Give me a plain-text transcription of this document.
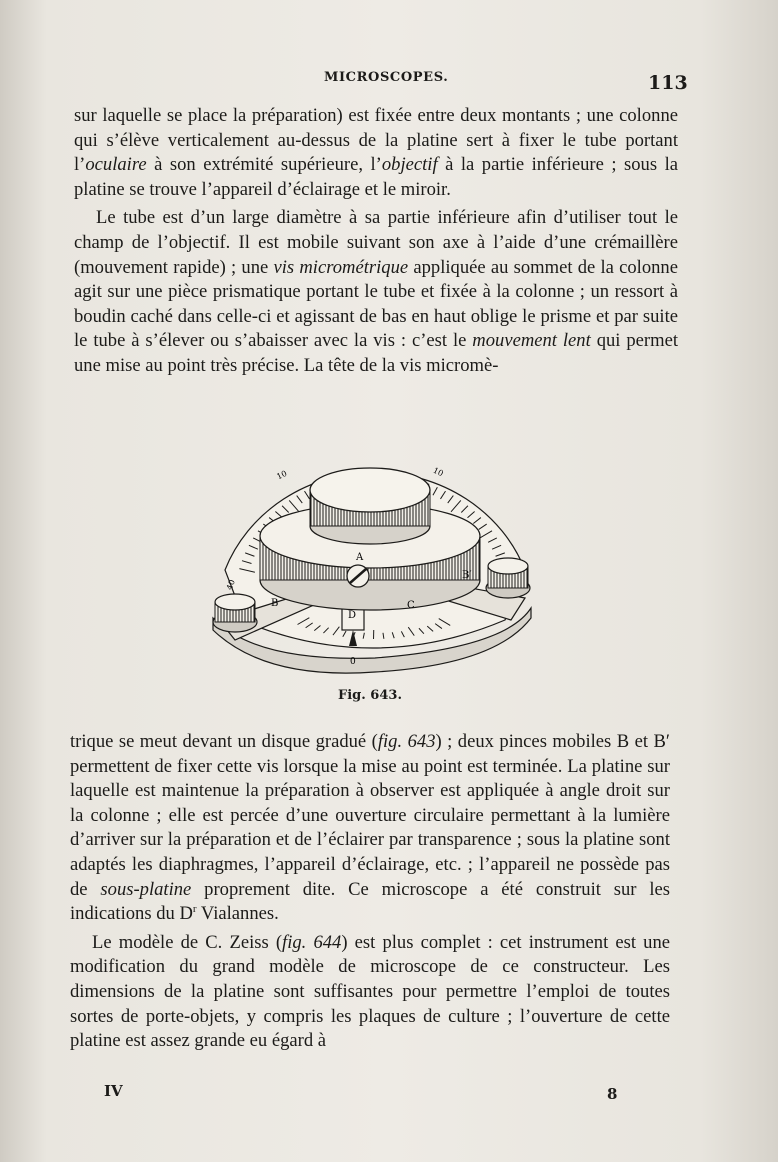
MICROSCOPES.	113

sur laquelle se place la préparation) est fixée entre deux montants ; une colonne qui s’élève verticalement au-dessus de la platine sert à fixer le tube portant l’oculaire à son extrémité supérieure, l’objectif à la partie inférieure ; sous la platine se trouve l’appareil d’éclairage et le miroir.

Le tube est d’un large diamètre à sa partie inférieure afin d’utiliser tout le champ de l’objectif. Il est mobile suivant son axe à l’aide d’une crémaillère (mouvement rapide) ; une vis micrométrique appliquée au sommet de la colonne agit sur une pièce prismatique portant le tube et fixée à la colonne ; un ressort à boudin caché dans celle-ci et agissant de bas en haut oblige le prisme et par suite le tube à s’élever ou s’abaisser avec la vis : c’est le mouvement lent qui permet une mise au point très précise. La tête de la vis micromè-

A
B
B′
C
D
0
40
10	10
Fig. 643.

trique se meut devant un disque gradué (fig. 643) ; deux pinces mobiles B et B′ permettent de fixer cette vis lorsque la mise au point est terminée. La platine sur laquelle est maintenue la préparation à observer est appliquée à angle droit sur la colonne ; elle est percée d’une ouverture circulaire permettant à la lumière d’arriver sur la préparation et de l’éclairer par transparence ; sous la platine sont adaptés les diaphragmes, l’appareil d’éclairage, etc. ; l’appareil ne possède pas de sous-platine proprement dite. Ce microscope a été construit sur les indications du $D^r$ Vialannes.

Le modèle de C. Zeiss (fig. 644) est plus complet : cet instrument est une modification du grand modèle de microscope de ce constructeur. Les dimensions de la platine sont suffisantes pour permettre l’emploi de toutes sortes de porte-objets, y compris les plaques de culture ; l’ouverture de cette platine est assez grande eu égard à

IV	8
